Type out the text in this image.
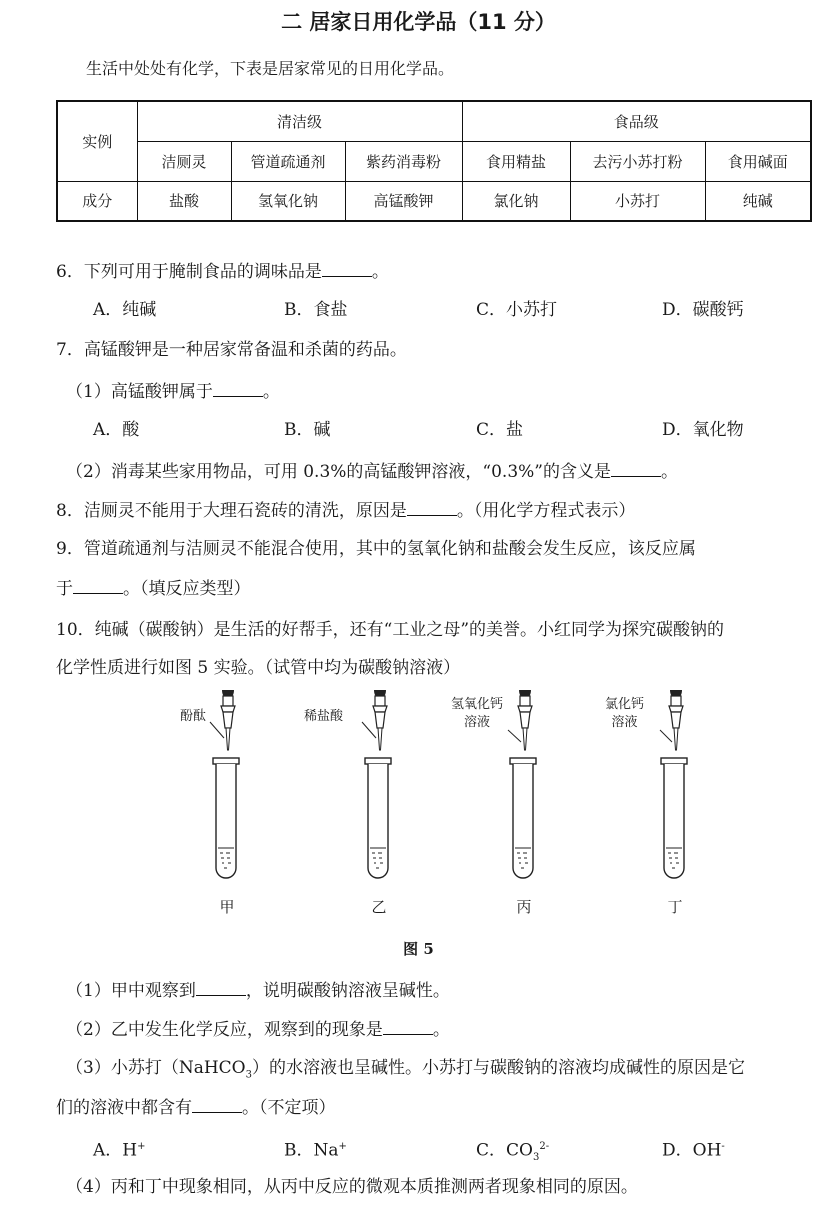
二 居家日用化学品（11 分）
生活中处处有化学，下表是居家常见的日用化学品。
实例	清洁级			食品级		
	洁厕灵	管道疏通剂	紫药消毒粉	食用精盐	去污小苏打粉	食用碱面
成分	盐酸	氢氧化钠	高锰酸钾	氯化钠	小苏打	纯碱
6．下列可用于腌制食品的调味品是	。
A．纯碱	B．食盐	C．小苏打	D．碳酸钙
7．高锰酸钾是一种居家常备温和杀菌的药品。
（1）高锰酸钾属于	。
A．酸	B．碱	C．盐	D．氧化物
（2）消毒某些家用物品，可用 0.3%的高锰酸钾溶液，“0.3%”的含义是	。
8．洁厕灵不能用于大理石瓷砖的清洗，原因是	。（用化学方程式表示）
9．管道疏通剂与洁厕灵不能混合使用，其中的氢氧化钠和盐酸会发生反应，该反应属
于	。（填反应类型）
10．纯碱（碳酸钠）是生活的好帮手，还有“工业之母”的美誉。小红同学为探究碳酸钠的
化学性质进行如图 5 实验。（试管中均为碳酸钠溶液）
酚酞	稀盐酸
氢氧化钙
溶液
氯化钙
溶液
甲	乙	丙	丁
图 5
（1）甲中观察到	，说明碳酸钠溶液呈碱性。
（2）乙中发生化学反应，观察到的现象是	。
（3）小苏打（NaHCO$_3$）的水溶液也呈碱性。小苏打与碳酸钠的溶液均成碱性的原因是它
们的溶液中都含有	。（不定项）
A．H+	B．Na+	C．$CO_3^{2-}$	D．OH-
（4）丙和丁中现象相同，从丙中反应的微观本质推测两者现象相同的原因。
